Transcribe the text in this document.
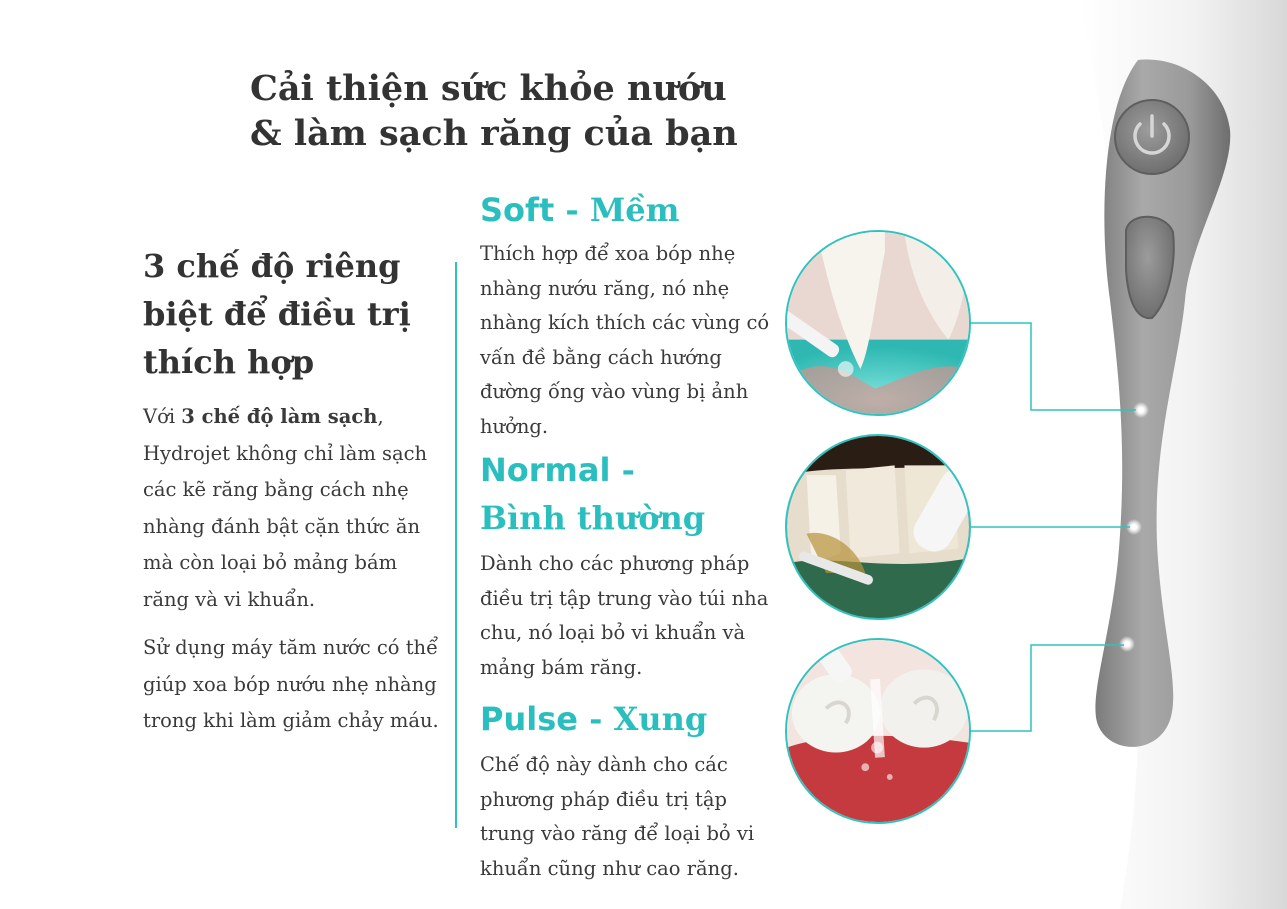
Cải thiện sức khỏe nướu
& làm sạch răng của bạn
3 chế độ riêng biệt để điều trị thích hợp

Với 3 chế độ làm sạch, Hydrojet không chỉ làm sạch các kẽ răng bằng cách nhẹ nhàng đánh bật cặn thức ăn mà còn loại bỏ mảng bám răng và vi khuẩn.

Sử dụng máy tăm nước có thể giúp xoa bóp nướu nhẹ nhàng trong khi làm giảm chảy máu.

Soft - Mềm

Thích hợp để xoa bóp nhẹ nhàng nướu răng, nó nhẹ nhàng kích thích các vùng có vấn đề bằng cách hướng đường ống vào vùng bị ảnh hưởng.

Normal -
Bình thường

Dành cho các phương pháp điều trị tập trung vào túi nha chu, nó loại bỏ vi khuẩn và mảng bám răng.

Pulse - Xung

Chế độ này dành cho các phương pháp điều trị tập trung vào răng để loại bỏ vi khuẩn cũng như cao răng.
